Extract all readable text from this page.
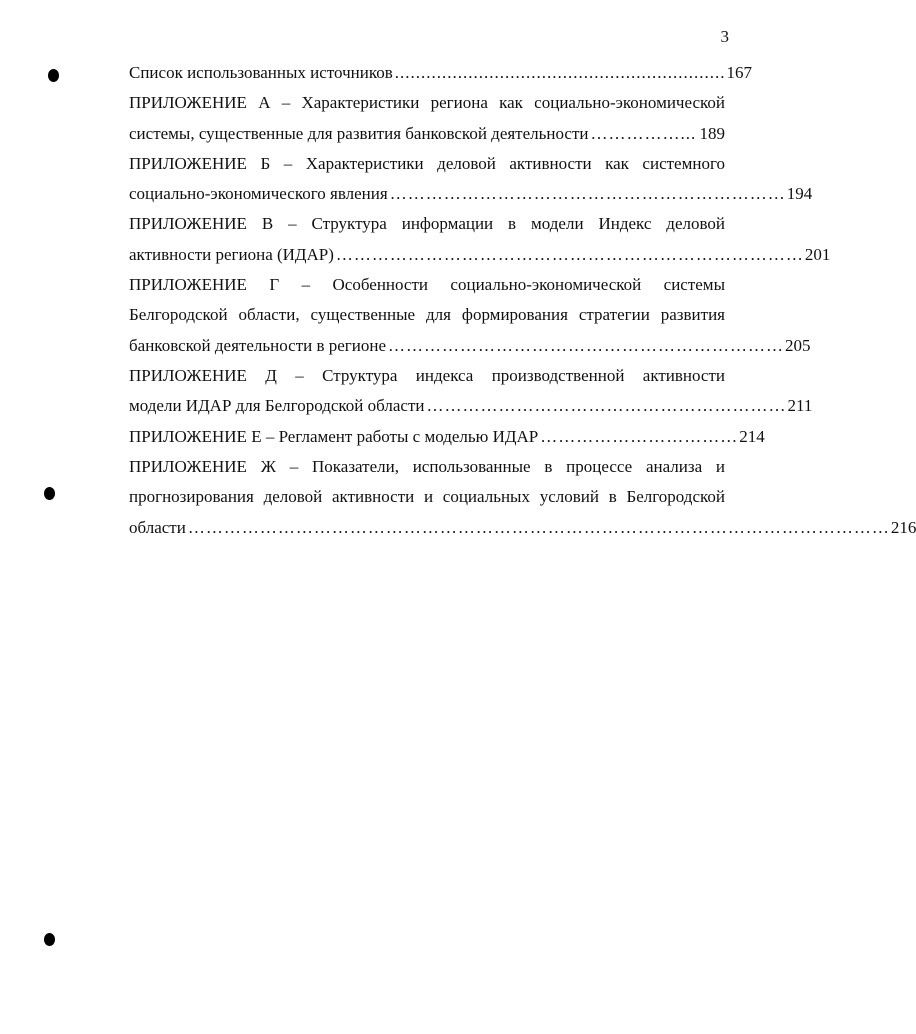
3
Список использованных источников ............................................................... 167
ПРИЛОЖЕНИЕ А – Характеристики региона как социально-экономической
системы, существенные для развития банковской деятельности ……………... 189
ПРИЛОЖЕНИЕ Б – Характеристики деловой активности как системного
социально-экономического явления ………………………………………………………… 194
ПРИЛОЖЕНИЕ В – Структура информации в модели Индекс деловой
активности региона (ИДАР) …………………………………………………………………… 201
ПРИЛОЖЕНИЕ Г – Особенности социально-экономической системы
Белгородской области, существенные для формирования стратегии развития
банковской деятельности в регионе ………………………………………………………… 205
ПРИЛОЖЕНИЕ Д – Структура индекса производственной активности
модели ИДАР для Белгородской области …………………………………………………… 211
ПРИЛОЖЕНИЕ Е – Регламент работы с моделью ИДАР …………………………… 214
ПРИЛОЖЕНИЕ Ж – Показатели, использованные в процессе анализа и
прогнозирования деловой активности и социальных условий в Белгородской
области ……………………………………………………………………………………………………… 216
